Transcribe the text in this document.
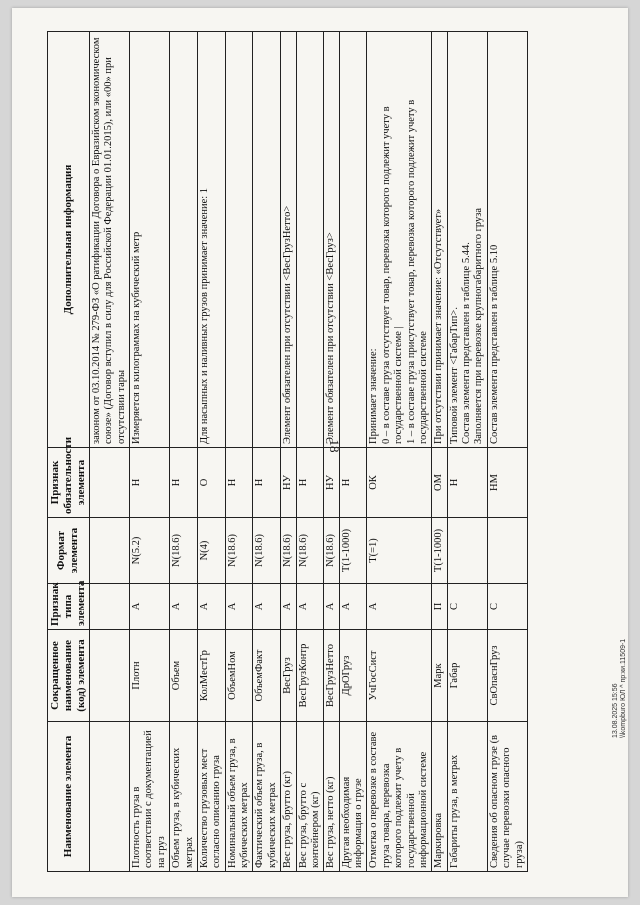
18
Наименование элемента	Сокращенное наименование (код) элемента	Признак типа элемента	Формат элемента	Признак обязательности элемента	Дополнительная информация
					законом от 03.10.2014 № 279-ФЗ «О ратификации Договора о Евразийском экономическом союзе» (Договор вступил в силу для Российской Федерации 01.01.2015), или «00» при отсутствии тары
Плотность груза в соответствии с документацией на груз	Плотн	А	N(5.2)	Н	Измеряется в килограммах на кубический метр
Объем груза, в кубических метрах	Объем	А	N(18.6)	Н	
Количество грузовых мест согласно описанию груза	КолМестГр	А	N(4)	О	Для насыпных и наливных грузов принимает значение: 1
Номинальный объем груза, в кубических метрах	ОбъемНом	А	N(18.6)	Н	
Фактический объем груза, в кубических метрах	ОбъемФакт	А	N(18.6)	Н	
Вес груза, брутто (кг)	ВесГруз	А	N(18.6)	НУ	Элемент обязателен при отсутствии <ВесГрузНетто>
Вес груза, брутто с контейнером (кг)	ВесГрузКонтр	А	N(18.6)	Н	
Вес груза, нетто (кг)	ВесГрузНетто	А	N(18.6)	НУ	Элемент обязателен при отсутствии <ВесГруз>
Другая необходимая информация о грузе	ДрОГруз	А	T(1-1000)	Н	
Отметка о перевозке в составе груза товара, перевозка которого подлежит учету в государственной информационной системе	УчГосСист	А	T(=1)	ОК	Принимает значение: 0 – в составе груза отсутствует товар, перевозка которого подлежит учету в государственной системе | 1 – в составе груза присутствует товар, перевозка которого подлежит учету в государственной системе

Маркировка	Марк	П	T(1-1000)	ОМ	При отсутствии принимает значение: «Отсутствует»
Габариты груза, в метрах	Габар	С		Н	Типовой элемент <ГабарТип>. Состав элемента представлен в таблице 5.44. Заполняется при перевозке крупногабаритного груза

Сведения об опасном грузе (в случае перевозки опасного груза)	СвОпаснГруз	С		НМ	Состав элемента представлен в таблице 5.10
13.08.2025 15:56 \\kompburo ЮЛ ^ пр:ки.11509-1
